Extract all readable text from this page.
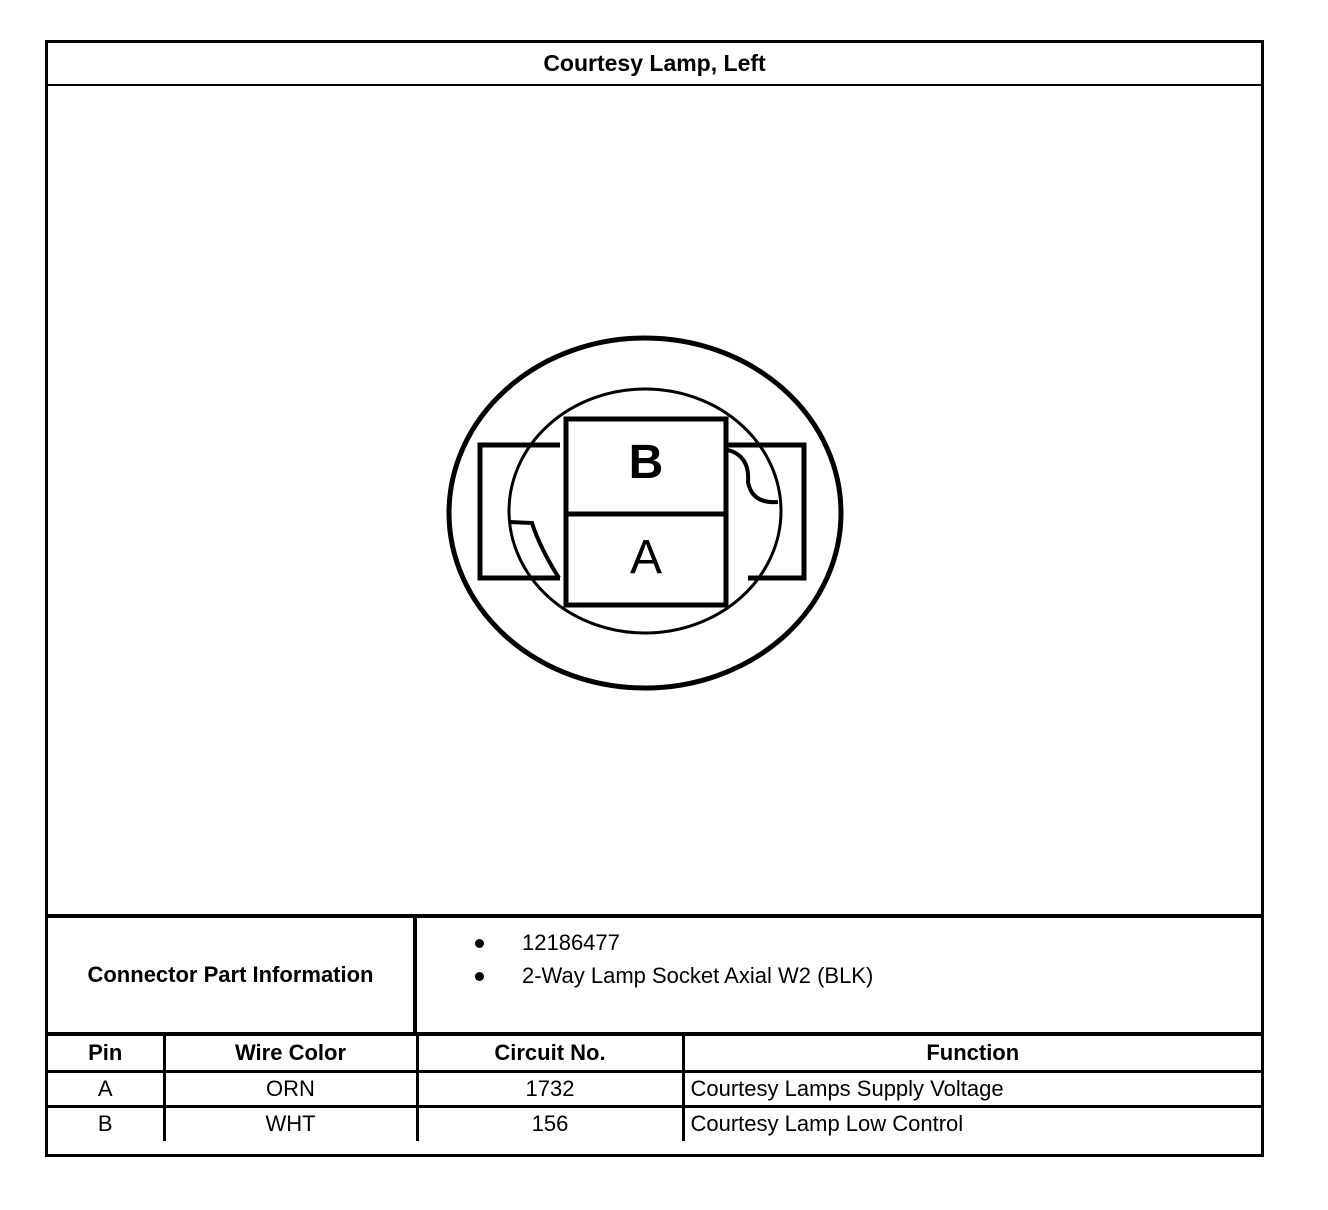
Courtesy Lamp, Left
B
A
Connector Part Information
12186477
2-Way Lamp Socket Axial W2 (BLK)
Pin	Wire Color	Circuit No.	Function
A	ORN	1732	Courtesy Lamps Supply Voltage
B	WHT	156	Courtesy Lamp Low Control
